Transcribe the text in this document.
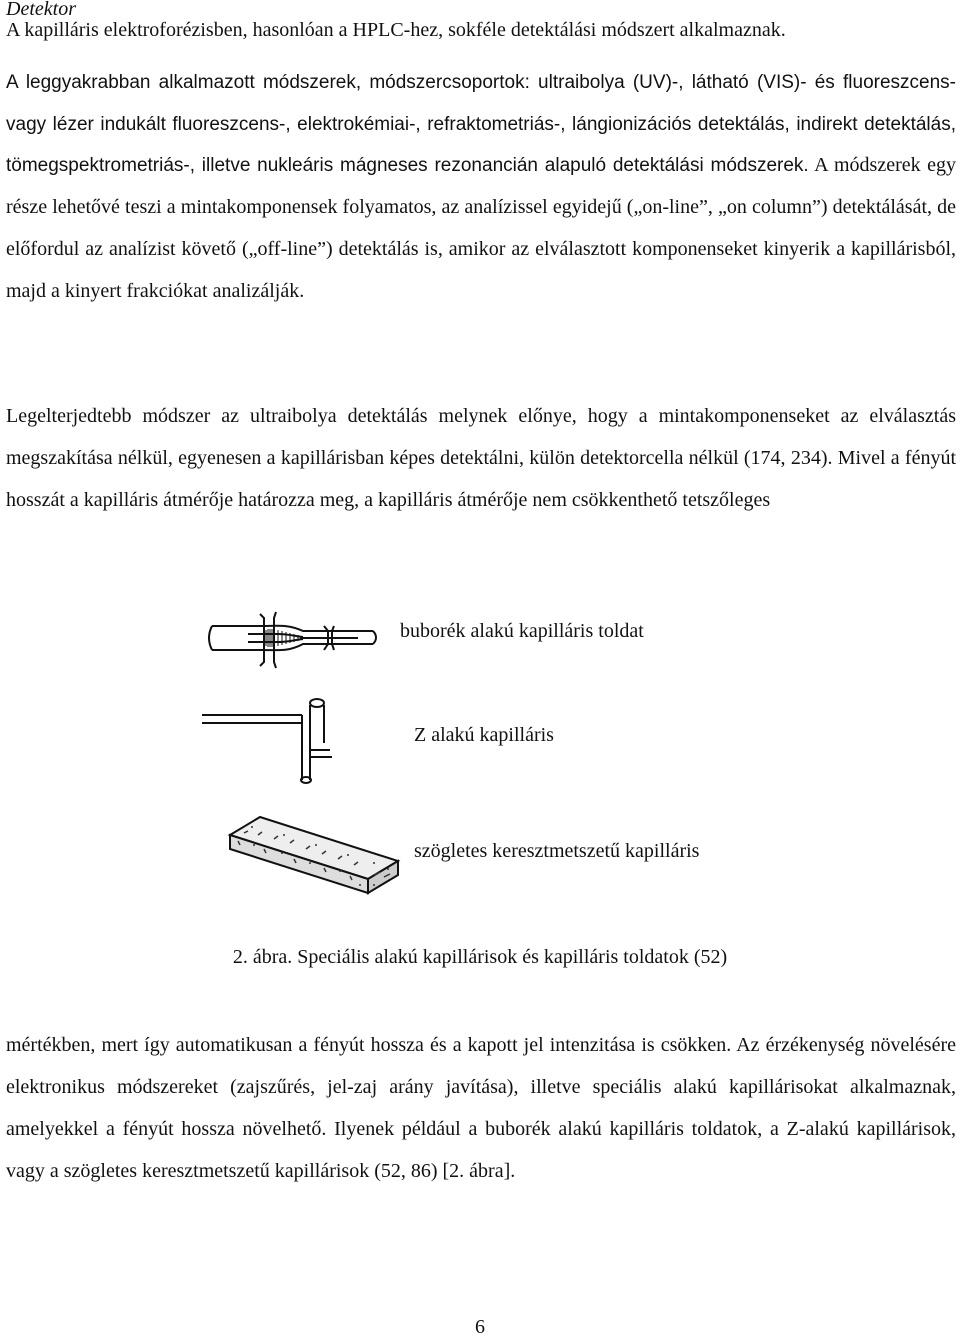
Detektor

A kapilláris elektroforézisben, hasonlóan a HPLC-hez, sokféle detektálási módszert alkalmaznak.

A leggyakrabban alkalmazott módszerek, módszercsoportok: ultraibolya (UV)-, látható (VIS)- és fluoreszcens- vagy lézer indukált fluoreszcens-, elektrokémiai-, refraktometriás-, lángionizációs detektálás, indirekt detektálás, tömegspektrometriás-, illetve nukleáris mágneses rezonancián alapuló detektálási módszerek. A módszerek egy része lehetővé teszi a mintakomponensek folyamatos, az analízissel egyidejű („on-line”, „on column”) detektálását, de előfordul az analízist követő („off-line”) detektálás is, amikor az elválasztott komponenseket kinyerik a kapillárisból, majd a kinyert frakciókat analizálják.

Legelterjedtebb módszer az ultraibolya detektálás melynek előnye, hogy a mintakomponenseket az elválasztás megszakítása nélkül, egyenesen a kapillárisban képes detektálni, külön detektorcella nélkül (174, 234). Mivel a fényút hosszát a kapilláris átmérője határozza meg, a kapilláris átmérője nem csökkenthető tetszőleges

buborék alakú kapilláris toldat
Z alakú kapilláris
szögletes keresztmetszetű kapilláris
2. ábra. Speciális alakú kapillárisok és kapilláris toldatok (52)

mértékben, mert így automatikusan a fényút hossza és a kapott jel intenzitása is csökken. Az érzékenység növelésére elektronikus módszereket (zajszűrés, jel-zaj arány javítása), illetve speciális alakú kapillárisokat alkalmaznak, amelyekkel a fényút hossza növelhető. Ilyenek például a buborék alakú kapilláris toldatok, a Z-alakú kapillárisok, vagy a szögletes keresztmetszetű kapillárisok (52, 86) [2. ábra].

6
